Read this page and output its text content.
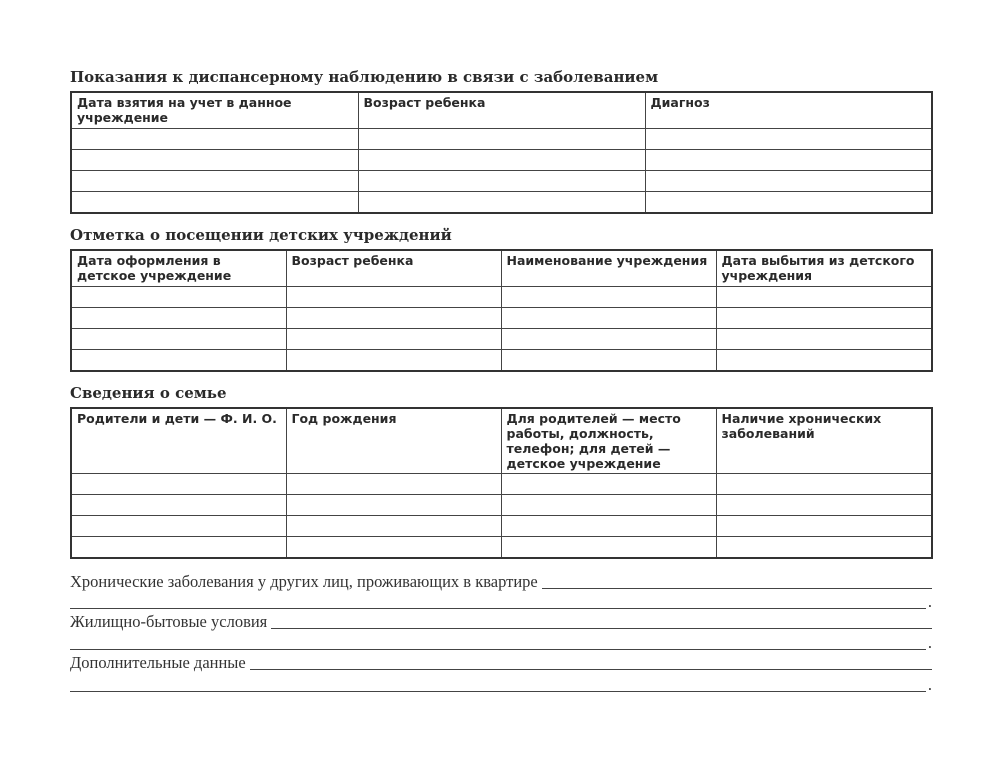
Показания к диспансерному наблюдению в связи с заболеванием
Дата взятия на учет в данное учреждение	Возраст ребенка	Диагноз

Отметка о посещении детских учреждений
Дата оформления в детское учреждение	Возраст ребенка	Наименование учреждения	Дата выбытия из детского учреждения

Сведения о семье
Родители и дети — Ф. И. О.	Год рождения	Для родителей — место работы, должность, телефон; для детей — детское учреждение	Наличие хронических заболеваний

Хронические заболевания у других лиц, проживающих в квартире
.
Жилищно-бытовые условия
.
Дополнительные данные
.
